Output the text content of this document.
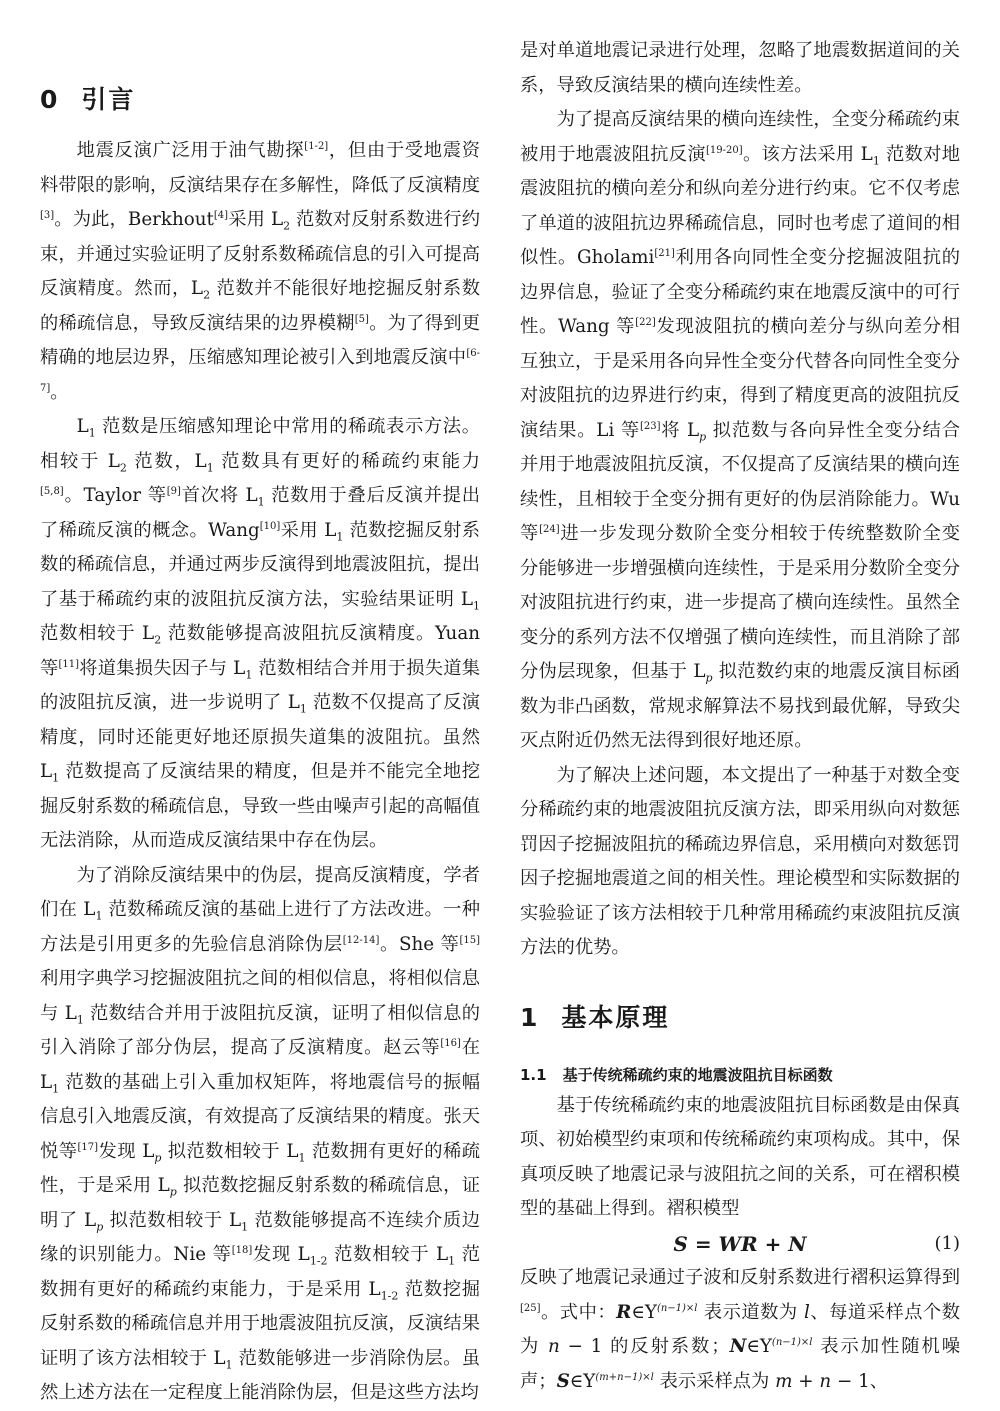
0 引言

地震反演广泛用于油气勘探[1-2]，但由于受地震资料带限的影响，反演结果存在多解性，降低了反演精度[3]。为此，Berkhout[4]采用 $L_2$ 范数对反射系数进行约束，并通过实验证明了反射系数稀疏信息的引入可提高反演精度。然而，$L_2$ 范数并不能很好地挖掘反射系数的稀疏信息，导致反演结果的边界模糊[5]。为了得到更精确的地层边界，压缩感知理论被引入到地震反演中[6-7]。

$L_1$ 范数是压缩感知理论中常用的稀疏表示方法。相较于 $L_2$ 范数，$L_1$ 范数具有更好的稀疏约束能力[5,8]。Taylor 等[9]首次将 $L_1$ 范数用于叠后反演并提出了稀疏反演的概念。Wang[10]采用 $L_1$ 范数挖掘反射系数的稀疏信息，并通过两步反演得到地震波阻抗，提出了基于稀疏约束的波阻抗反演方法，实验结果证明 $L_1$ 范数相较于 $L_2$ 范数能够提高波阻抗反演精度。Yuan 等[11]将道集损失因子与 $L_1$ 范数相结合并用于损失道集的波阻抗反演，进一步说明了 $L_1$ 范数不仅提高了反演精度，同时还能更好地还原损失道集的波阻抗。虽然 $L_1$ 范数提高了反演结果的精度，但是并不能完全地挖掘反射系数的稀疏信息，导致一些由噪声引起的高幅值无法消除，从而造成反演结果中存在伪层。

为了消除反演结果中的伪层，提高反演精度，学者们在 $L_1$ 范数稀疏反演的基础上进行了方法改进。一种方法是引用更多的先验信息消除伪层[12-14]。She 等[15]利用字典学习挖掘波阻抗之间的相似信息，将相似信息与 $L_1$ 范数结合并用于波阻抗反演，证明了相似信息的引入消除了部分伪层，提高了反演精度。赵云等[16]在 $L_1$ 范数的基础上引入重加权矩阵，将地震信号的振幅信息引入地震反演，有效提高了反演结果的精度。张天悦等[17]发现 $L_p$ 拟范数相较于 $L_1$ 范数拥有更好的稀疏性，于是采用 $L_p$ 拟范数挖掘反射系数的稀疏信息，证明了 $L_p$ 拟范数相较于 $L_1$ 范数能够提高不连续介质边缘的识别能力。Nie 等[18]发现 $L_{1-2}$ 范数相较于 $L_1$ 范数拥有更好的稀疏约束能力，于是采用 $L_{1-2}$ 范数挖掘反射系数的稀疏信息并用于地震波阻抗反演，反演结果证明了该方法相较于 $L_1$ 范数能够进一步消除伪层。虽然上述方法在一定程度上能消除伪层，但是这些方法均

是对单道地震记录进行处理，忽略了地震数据道间的关系，导致反演结果的横向连续性差。

为了提高反演结果的横向连续性，全变分稀疏约束被用于地震波阻抗反演[19-20]。该方法采用 $L_1$ 范数对地震波阻抗的横向差分和纵向差分进行约束。它不仅考虑了单道的波阻抗边界稀疏信息，同时也考虑了道间的相似性。Gholami[21]利用各向同性全变分挖掘波阻抗的边界信息，验证了全变分稀疏约束在地震反演中的可行性。Wang 等[22]发现波阻抗的横向差分与纵向差分相互独立，于是采用各向异性全变分代替各向同性全变分对波阻抗的边界进行约束，得到了精度更高的波阻抗反演结果。Li 等[23]将 $L_p$ 拟范数与各向异性全变分结合并用于地震波阻抗反演，不仅提高了反演结果的横向连续性，且相较于全变分拥有更好的伪层消除能力。Wu 等[24]进一步发现分数阶全变分相较于传统整数阶全变分能够进一步增强横向连续性，于是采用分数阶全变分对波阻抗进行约束，进一步提高了横向连续性。虽然全变分的系列方法不仅增强了横向连续性，而且消除了部分伪层现象，但基于 $L_p$ 拟范数约束的地震反演目标函数为非凸函数，常规求解算法不易找到最优解，导致尖灭点附近仍然无法得到很好地还原。

为了解决上述问题，本文提出了一种基于对数全变分稀疏约束的地震波阻抗反演方法，即采用纵向对数惩罚因子挖掘波阻抗的稀疏边界信息，采用横向对数惩罚因子挖掘地震道之间的相关性。理论模型和实际数据的实验验证了该方法相较于几种常用稀疏约束波阻抗反演方法的优势。

1 基本原理
1.1 基于传统稀疏约束的地震波阻抗目标函数

基于传统稀疏约束的地震波阻抗目标函数是由保真项、初始模型约束项和传统稀疏约束项构成。其中，保真项反映了地震记录与波阻抗之间的关系，可在褶积模型的基础上得到。褶积模型

S = WR + N	(1)

反映了地震记录通过子波和反射系数进行褶积运算得到[25]。式中：$R\in Y^{(n-1)\times l}$ 表示道数为 l、每道采样点个数为 n − 1 的反射系数；$N\in Y^{(n-1)\times l}$ 表示加性随机噪声；$S\in Y^{(m+n-1)\times l}$ 表示采样点为 m + n − 1、
